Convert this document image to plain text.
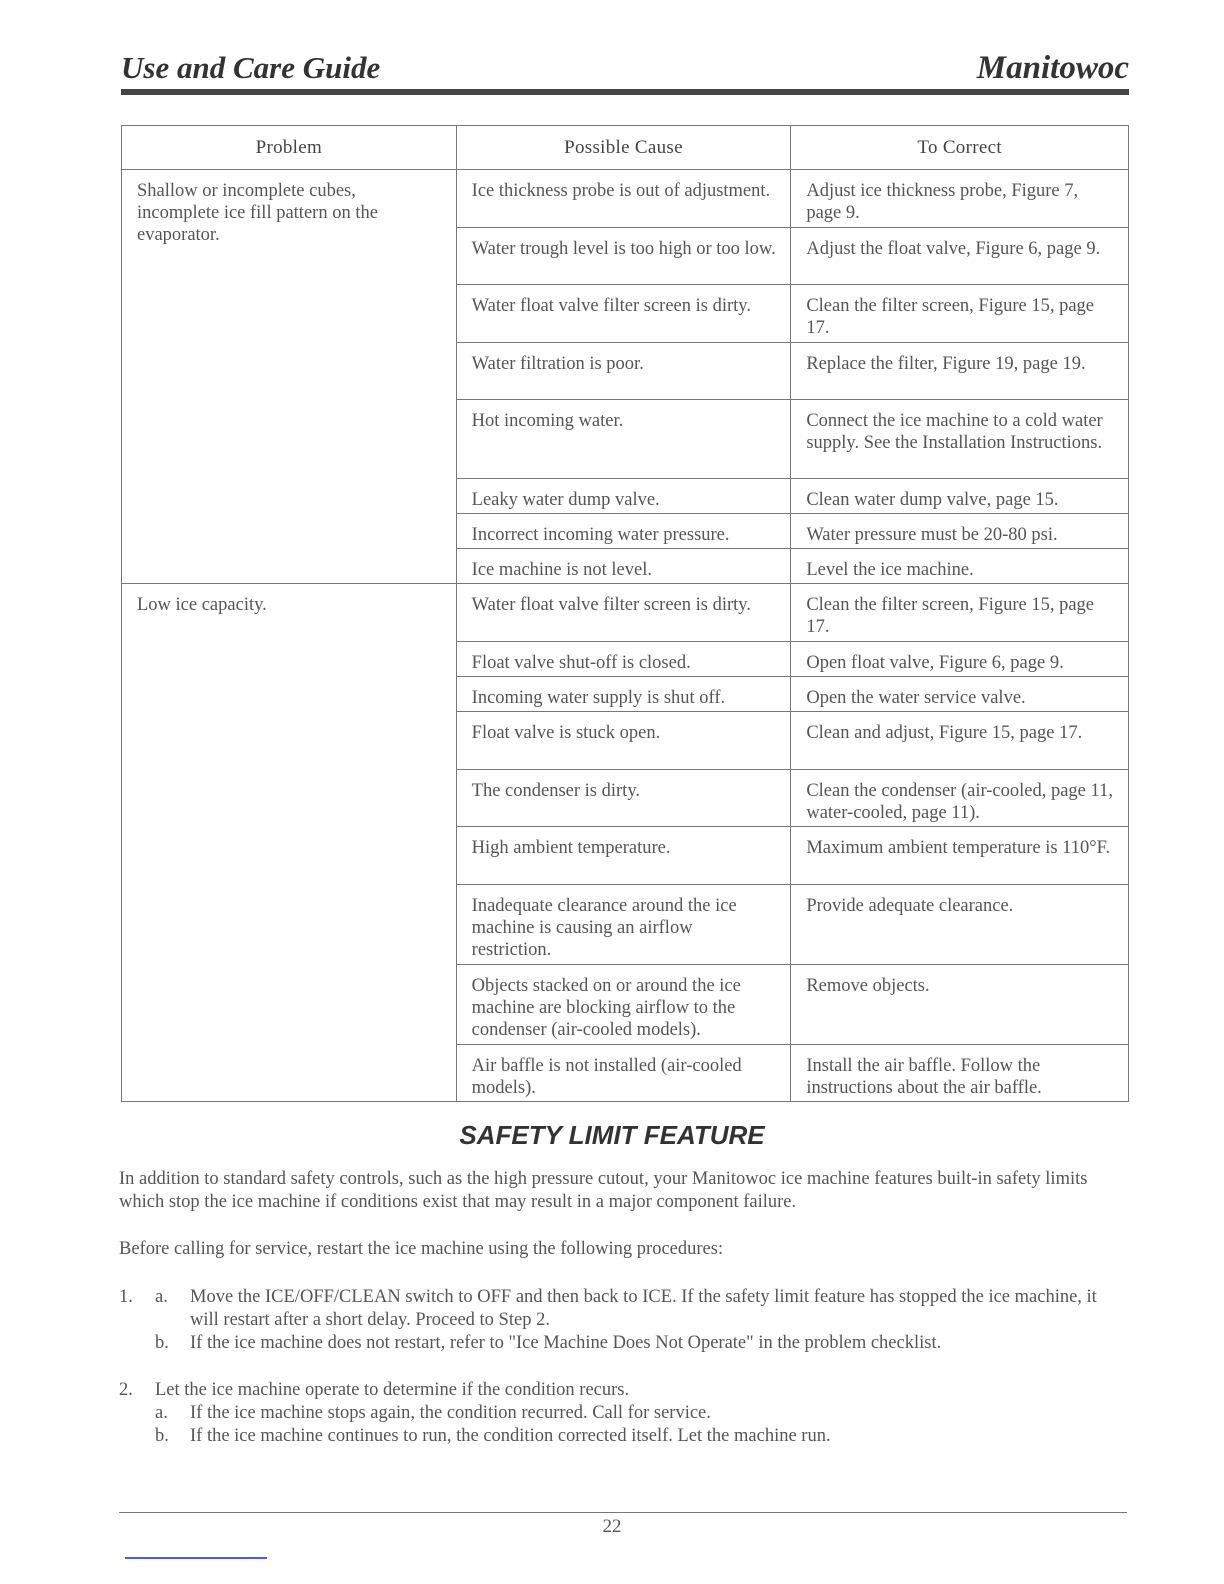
Use and Care Guide	Manitowoc
Problem	Possible Cause	To Correct
Shallow or incomplete cubes, incomplete ice fill pattern on the evaporator.	Ice thickness probe is out of adjustment.	Adjust ice thickness probe, Figure 7, page 9.
	Water trough level is too high or too low.	Adjust the float valve, Figure 6, page 9.
	Water float valve filter screen is dirty.	Clean the filter screen, Figure 15, page 17.
	Water filtration is poor.	Replace the filter, Figure 19, page 19.
	Hot incoming water.	Connect the ice machine to a cold water supply. See the Installation Instructions.
	Leaky water dump valve.	Clean water dump valve, page 15.
	Incorrect incoming water pressure.	Water pressure must be 20-80 psi.
	Ice machine is not level.	Level the ice machine.
Low ice capacity.	Water float valve filter screen is dirty.	Clean the filter screen, Figure 15, page 17.
	Float valve shut-off is closed.	Open float valve, Figure 6, page 9.
	Incoming water supply is shut off.	Open the water service valve.
	Float valve is stuck open.	Clean and adjust, Figure 15, page 17.
	The condenser is dirty.	Clean the condenser (air-cooled, page 11, water-cooled, page 11).
	High ambient temperature.	Maximum ambient temperature is 110°F.
	Inadequate clearance around the ice machine is causing an airflow restriction.	Provide adequate clearance.
	Objects stacked on or around the ice machine are blocking airflow to the condenser (air-cooled models).	Remove objects.
	Air baffle is not installed (air-cooled models).	Install the air baffle. Follow the instructions about the air baffle.
SAFETY LIMIT FEATURE

In addition to standard safety controls, such as the high pressure cutout, your Manitowoc ice machine features built-in safety limits which stop the ice machine if conditions exist that may result in a major component failure.

Before calling for service, restart the ice machine using the following procedures:

1. a. Move the ICE/OFF/CLEAN switch to OFF and then back to ICE. If the safety limit feature has stopped the ice machine, it will restart after a short delay. Proceed to Step 2.

b. If the ice machine does not restart, refer to "Ice Machine Does Not Operate" in the problem checklist.

2. Let the ice machine operate to determine if the condition recurs.

a. If the ice machine stops again, the condition recurred. Call for service.

b. If the ice machine continues to run, the condition corrected itself. Let the machine run.

22
